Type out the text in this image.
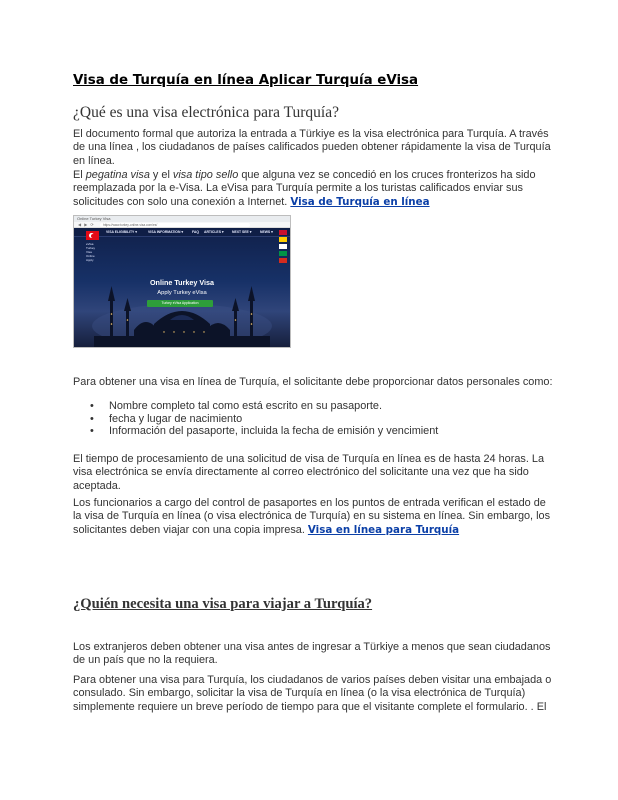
Visa de Turquía en línea Aplicar Turquía eVisa
¿Qué es una visa electrónica para Turquía?
El documento formal que autoriza la entrada a Türkiye es la visa electrónica para Turquía. A través de una línea , los ciudadanos de países calificados pueden obtener rápidamente la visa de Turquía en línea.
El pegatina visa y el visa tipo sello que alguna vez se concedió en los cruces fronterizos ha sido reemplazada por la e-Visa. La eVisa para Turquía permite a los turistas calificados enviar sus solicitudes con solo una conexión a Internet. Visa de Turquía en línea
Online Turkey Visa
◀ ▶ ⟳	https://www.turkey-online-visa.com/es/
VISA ELIGIBILITY ▾	VISA INFORMATION ▾	FAQ ARTICLES ▾ NEXT SEE ▾	NEWS ▾
eVisa
Turkey
Visa
Online
Apply
Online Turkey Visa
Apply Turkey eVisa
Turkey eVisa Application
Para obtener una visa en línea de Turquía, el solicitante debe proporcionar datos personales como:
• Nombre completo tal como está escrito en su pasaporte.
• fecha y lugar de nacimiento
• Información del pasaporte, incluida la fecha de emisión y vencimient
El tiempo de procesamiento de una solicitud de visa de Turquía en línea es de hasta 24 horas. La visa electrónica se envía directamente al correo electrónico del solicitante una vez que ha sido aceptada.
Los funcionarios a cargo del control de pasaportes en los puntos de entrada verifican el estado de la visa de Turquía en línea (o visa electrónica de Turquía) en su sistema en línea. Sin embargo, los solicitantes deben viajar con una copia impresa. Visa en línea para Turquía
¿Quién necesita una visa para viajar a Turquía?
Los extranjeros deben obtener una visa antes de ingresar a Türkiye a menos que sean ciudadanos de un país que no la requiera.
Para obtener una visa para Turquía, los ciudadanos de varios países deben visitar una embajada o consulado. Sin embargo, solicitar la visa de Turquía en línea (o la visa electrónica de Turquía) simplemente requiere un breve período de tiempo para que el visitante complete el formulario. . El
